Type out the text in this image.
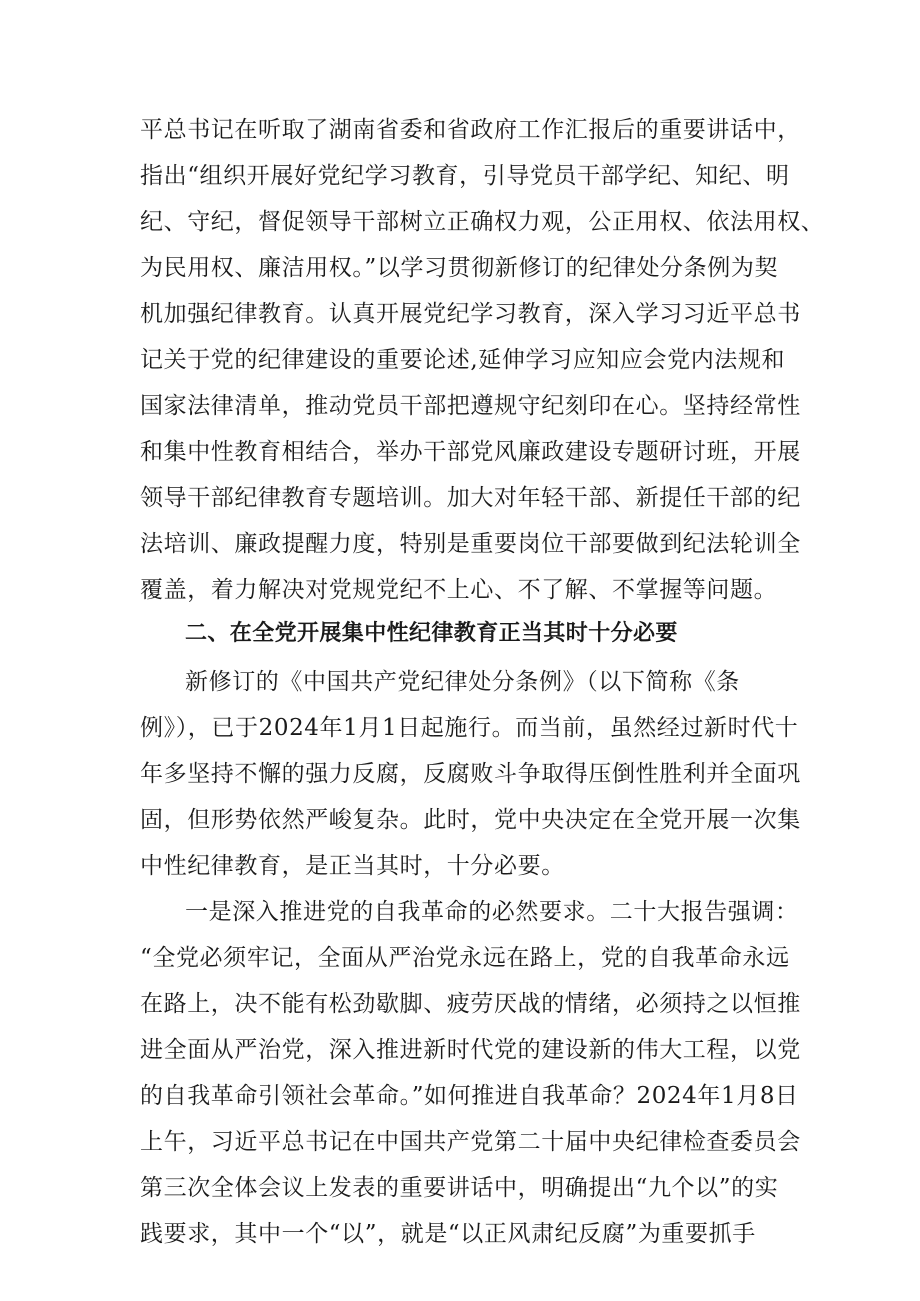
平总书记在听取了湖南省委和省政府工作汇报后的重要讲话中，
指出“组织开展好党纪学习教育，引导党员干部学纪、知纪、明
纪、守纪，督促领导干部树立正确权力观，公正用权、依法用权、
为民用权、廉洁用权。”以学习贯彻新修订的纪律处分条例为契
机加强纪律教育。认真开展党纪学习教育，深入学习习近平总书
记关于党的纪律建设的重要论述,延伸学习应知应会党内法规和
国家法律清单，推动党员干部把遵规守纪刻印在心。坚持经常性
和集中性教育相结合，举办干部党风廉政建设专题研讨班，开展
领导干部纪律教育专题培训。加大对年轻干部、新提任干部的纪
法培训、廉政提醒力度，特别是重要岗位干部要做到纪法轮训全
覆盖，着力解决对党规党纪不上心、不了解、不掌握等问题。
二、在全党开展集中性纪律教育正当其时十分必要
新修订的《中国共产党纪律处分条例》（以下简称《条
例》），已于2024年1月1日起施行。而当前，虽然经过新时代十
年多坚持不懈的强力反腐，反腐败斗争取得压倒性胜利并全面巩
固，但形势依然严峻复杂。此时，党中央决定在全党开展一次集
中性纪律教育，是正当其时，十分必要。
一是深入推进党的自我革命的必然要求。二十大报告强调：
“全党必须牢记，全面从严治党永远在路上，党的自我革命永远
在路上，决不能有松劲歇脚、疲劳厌战的情绪，必须持之以恒推
进全面从严治党，深入推进新时代党的建设新的伟大工程，以党
的自我革命引领社会革命。”如何推进自我革命？2024年1月8日
上午，习近平总书记在中国共产党第二十届中央纪律检查委员会
第三次全体会议上发表的重要讲话中，明确提出“九个以”的实
践要求，其中一个“以”，就是“以正风肃纪反腐”为重要抓手
